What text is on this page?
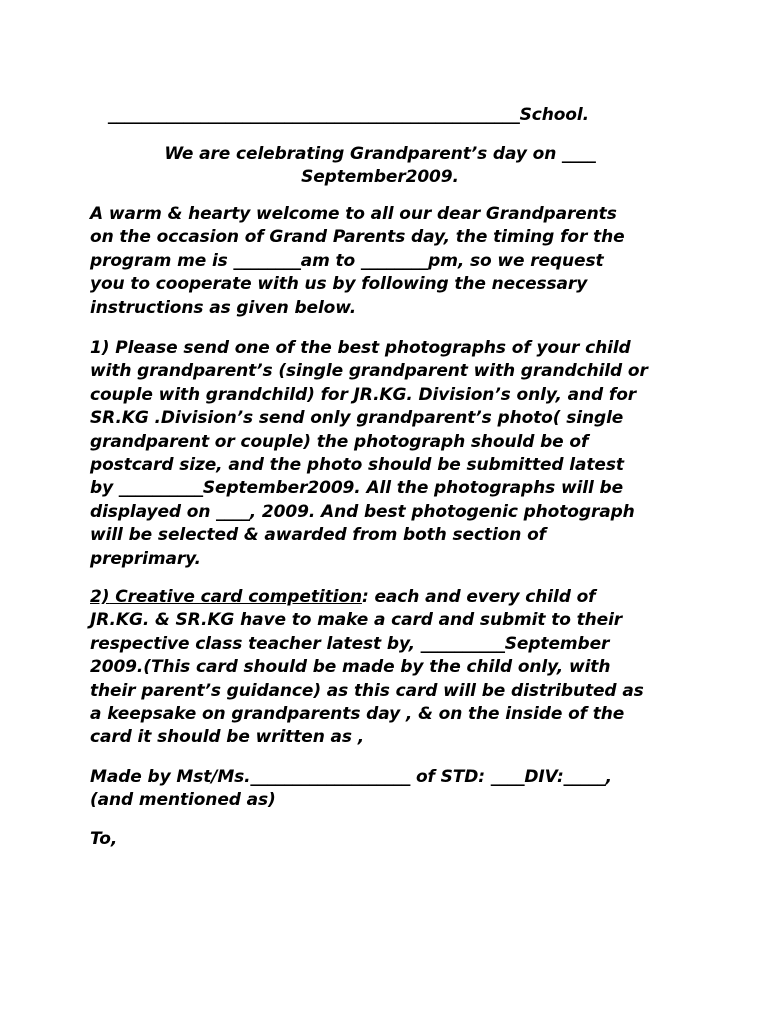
_________________________________________________School.
We are celebrating Grandparent’s day on ____
September2009.
A warm & hearty welcome to all our dear Grandparents
on the occasion of Grand Parents day, the timing for the
program me is ________am to ________pm, so we request
you to cooperate with us by following the necessary
instructions as given below.
1) Please send one of the best photographs of your child
with grandparent’s (single grandparent with grandchild or
couple with grandchild) for JR.KG. Division’s only, and for
SR.KG .Division’s send only grandparent’s photo( single
grandparent or couple) the photograph should be of
postcard size, and the photo should be submitted latest
by __________September2009. All the photographs will be
displayed on ____, 2009. And best photogenic photograph
will be selected & awarded from both section of
preprimary.
2) Creative card competition: each and every child of
JR.KG. & SR.KG have to make a card and submit to their
respective class teacher latest by, __________September
2009.(This card should be made by the child only, with
their parent’s guidance) as this card will be distributed as
a keepsake on grandparents day , & on the inside of the
card it should be written as ,
Made by Mst/Ms.___________________ of STD: ____DIV:_____,
(and mentioned as)
To,
